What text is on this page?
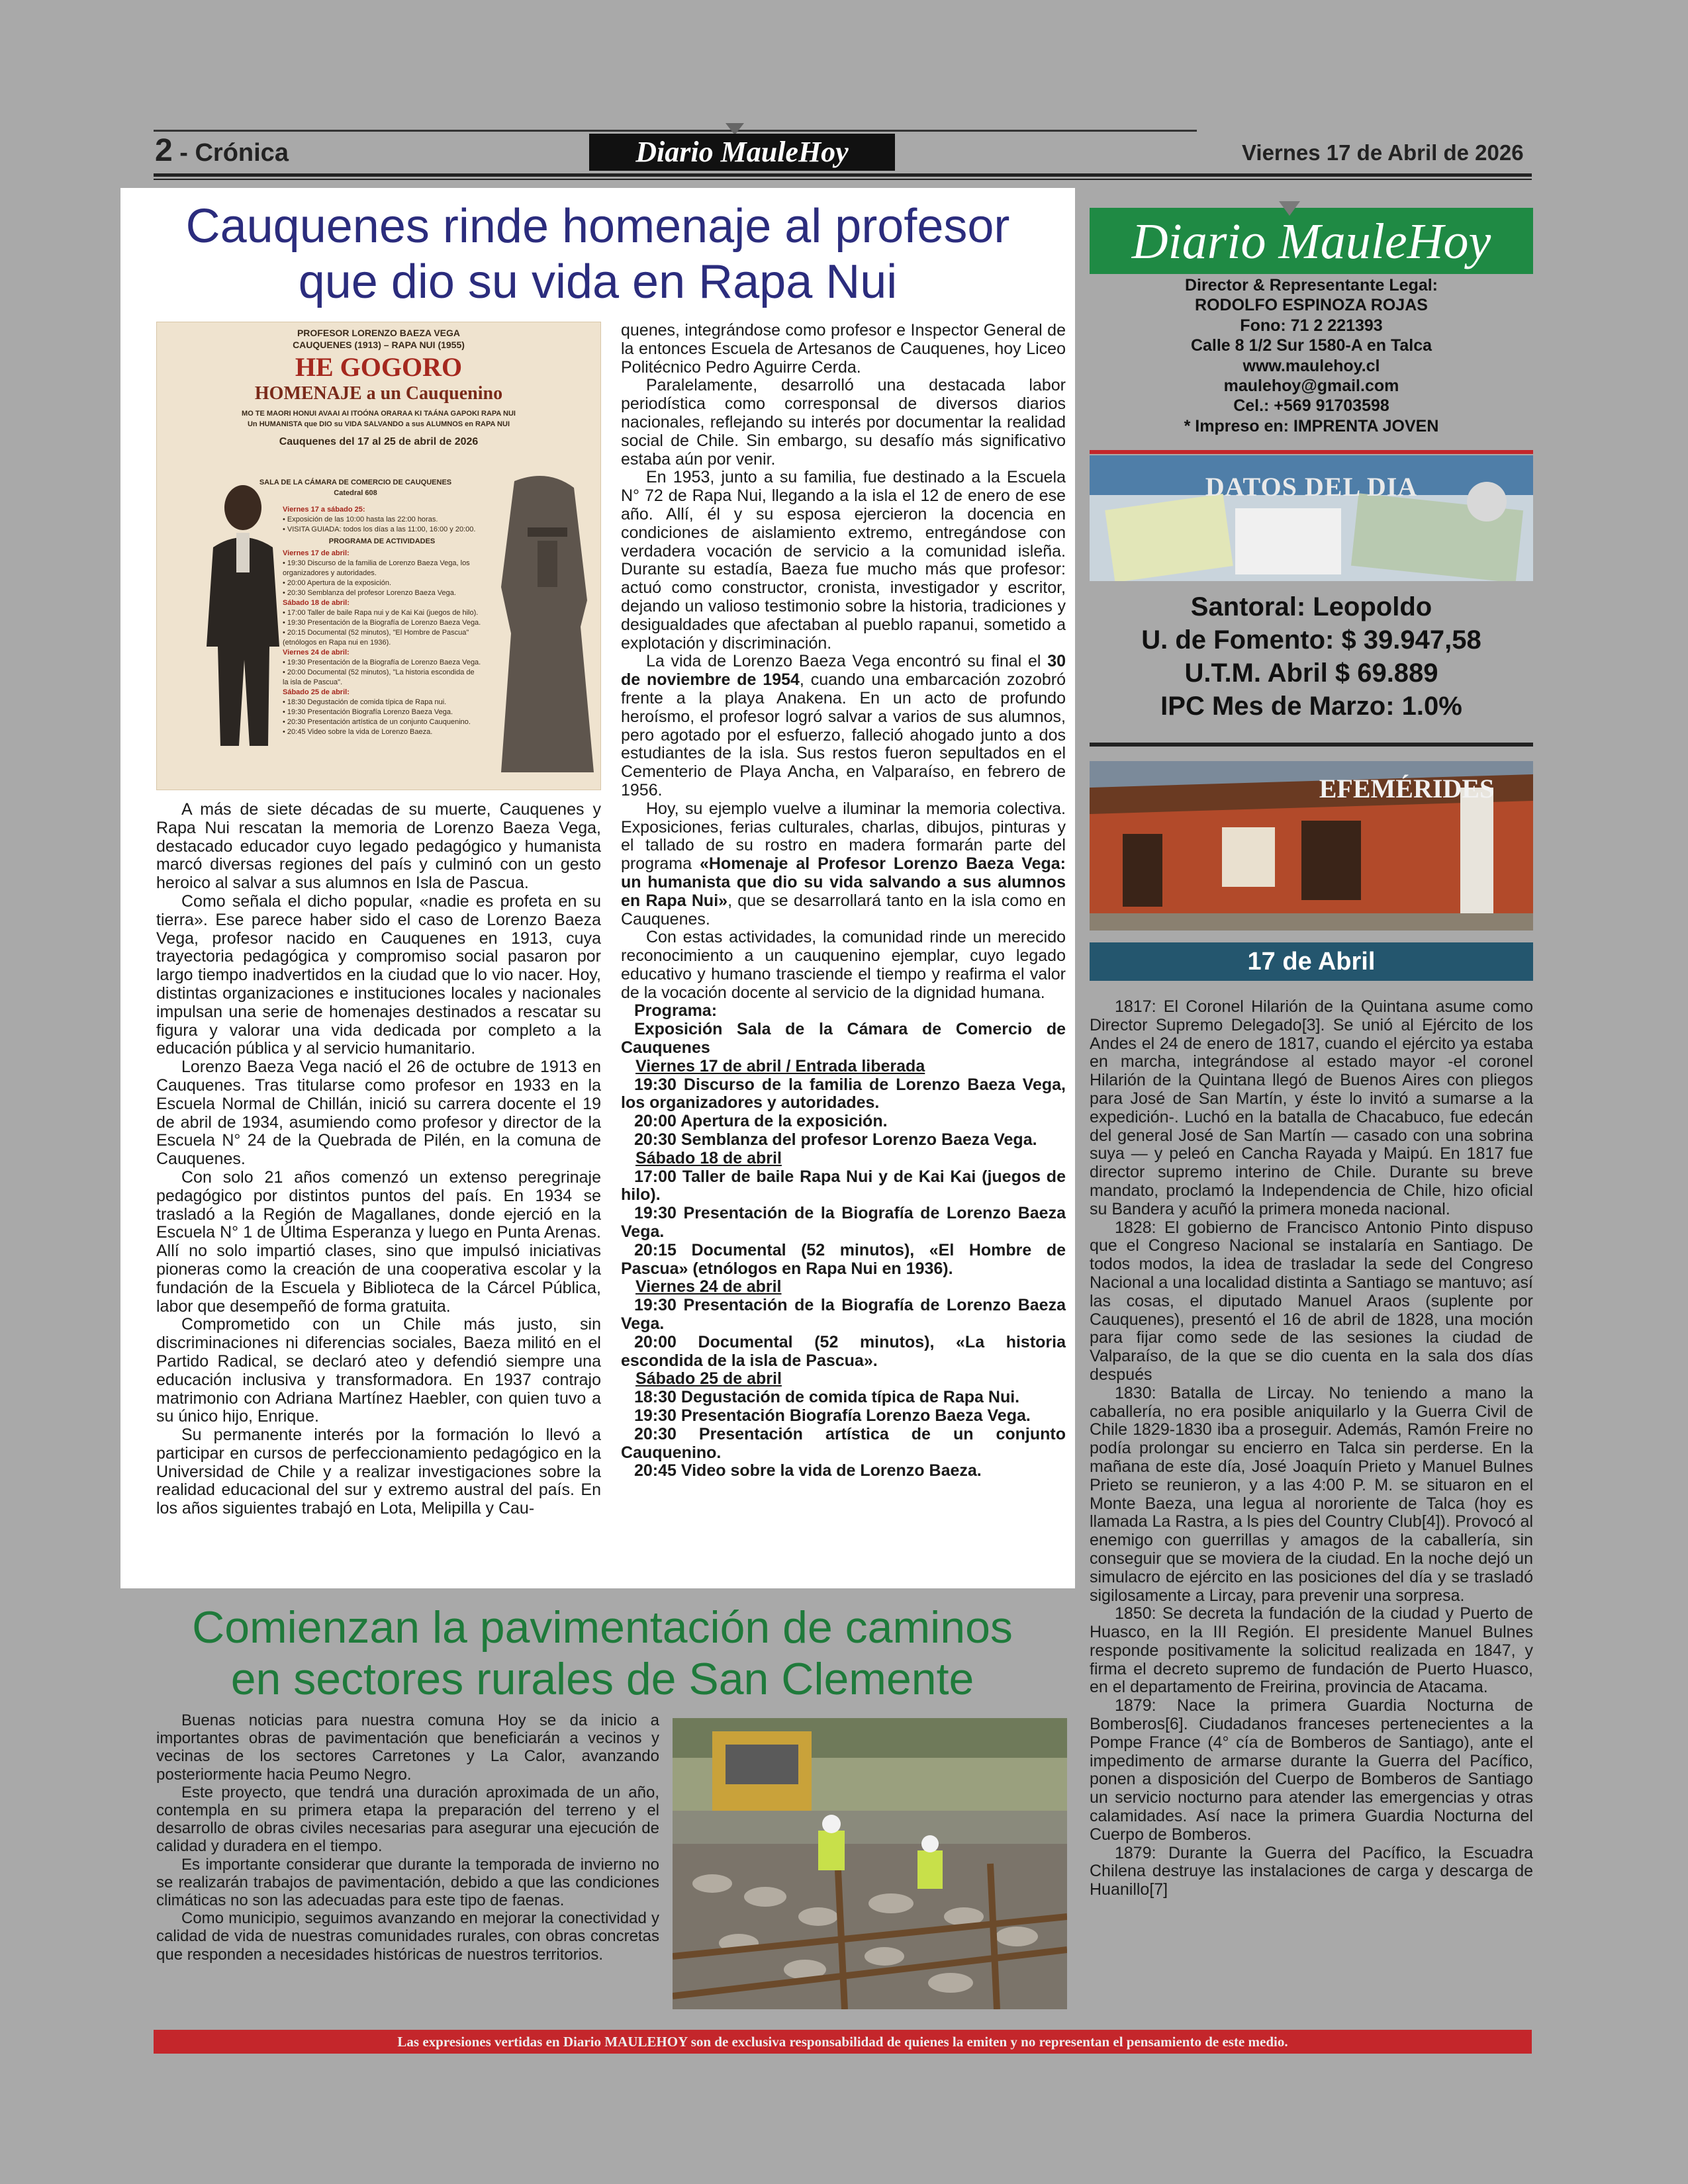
2 - Crónica	Diario MauleHoy	Viernes 17 de Abril de 2026
Cauquenes rinde homenaje al profesor
que dio su vida en Rapa Nui
PROFESOR LORENZO BAEZA VEGA
CAUQUENES (1913) – RAPA NUI (1955)
HE GOGORO
HOMENAJE a un Cauquenino
MO TE MAORI HONUI AVAAI AI ITOÓNA ORARAA KI TAÁNA GAPOKI RAPA NUI
Un HUMANISTA que DIO su VIDA SALVANDO a sus ALUMNOS en RAPA NUI
Cauquenes del 17 al 25 de abril de 2026
SALA DE LA CÁMARA DE COMERCIO DE CAUQUENES
Catedral 608
Viernes 17 a sábado 25:
• Exposición de las 10:00 hasta las 22:00 horas.
• VISITA GUIADA: todos los días a las 11:00, 16:00 y 20:00.
PROGRAMA DE ACTIVIDADES
Viernes 17 de abril:
• 19:30 Discurso de la familia de Lorenzo Baeza Vega, los organizadores y autoridades.
• 20:00 Apertura de la exposición.
• 20:30 Semblanza del profesor Lorenzo Baeza Vega.
Sábado 18 de abril:
• 17:00 Taller de baile Rapa nui y de Kai Kai (juegos de hilo).
• 19:30 Presentación de la Biografía de Lorenzo Baeza Vega.
• 20:15 Documental (52 minutos), "El Hombre de Pascua" (etnólogos en Rapa nui en 1936).
Viernes 24 de abril:
• 19:30 Presentación de la Biografía de Lorenzo Baeza Vega.
• 20:00 Documental (52 minutos), "La historia escondida de la isla de Pascua".
Sábado 25 de abril:
• 18:30 Degustación de comida típica de Rapa nui.
• 19:30 Presentación Biografía Lorenzo Baeza Vega.
• 20:30 Presentación artística de un conjunto Cauquenino.
• 20:45 Video sobre la vida de Lorenzo Baeza.

A más de siete décadas de su muerte, Cauquenes y Rapa Nui rescatan la memoria de Lorenzo Baeza Vega, destacado educador cuyo legado pedagógico y humanista marcó diversas regiones del país y culminó con un gesto heroico al salvar a sus alumnos en Isla de Pascua.

Como señala el dicho popular, «nadie es profeta en su tierra». Ese parece haber sido el caso de Lorenzo Baeza Vega, profesor nacido en Cauquenes en 1913, cuya trayectoria pedagógica y compromiso social pasaron por largo tiempo inadvertidos en la ciudad que lo vio nacer. Hoy, distintas organizaciones e instituciones locales y nacionales impulsan una serie de homenajes destinados a rescatar su figura y valorar una vida dedicada por completo a la educación pública y al servicio humanitario.

Lorenzo Baeza Vega nació el 26 de octubre de 1913 en Cauquenes. Tras titularse como profesor en 1933 en la Escuela Normal de Chillán, inició su carrera docente el 19 de abril de 1934, asumiendo como profesor y director de la Escuela N° 24 de la Quebrada de Pilén, en la comuna de Cauquenes.

Con solo 21 años comenzó un extenso peregrinaje pedagógico por distintos puntos del país. En 1934 se trasladó a la Región de Magallanes, donde ejerció en la Escuela N° 1 de Última Esperanza y luego en Punta Arenas. Allí no solo impartió clases, sino que impulsó iniciativas pioneras como la creación de una cooperativa escolar y la fundación de la Escuela y Biblioteca de la Cárcel Pública, labor que desempeñó de forma gratuita.

Comprometido con un Chile más justo, sin discriminaciones ni diferencias sociales, Baeza militó en el Partido Radical, se declaró ateo y defendió siempre una educación inclusiva y transformadora. En 1937 contrajo matrimonio con Adriana Martínez Haebler, con quien tuvo a su único hijo, Enrique.

Su permanente interés por la formación lo llevó a participar en cursos de perfeccionamiento pedagógico en la Universidad de Chile y a realizar investigaciones sobre la realidad educacional del sur y extremo austral del país. En los años siguientes trabajó en Lota, Melipilla y Cau-

quenes, integrándose como profesor e Inspector General de la entonces Escuela de Artesanos de Cauquenes, hoy Liceo Politécnico Pedro Aguirre Cerda.

Paralelamente, desarrolló una destacada labor periodística como corresponsal de diversos diarios nacionales, reflejando su interés por documentar la realidad social de Chile. Sin embargo, su desafío más significativo estaba aún por venir.

En 1953, junto a su familia, fue destinado a la Escuela N° 72 de Rapa Nui, llegando a la isla el 12 de enero de ese año. Allí, él y su esposa ejercieron la docencia en condiciones de aislamiento extremo, entregándose con verdadera vocación de servicio a la comunidad isleña. Durante su estadía, Baeza fue mucho más que profesor: actuó como constructor, cronista, investigador y escritor, dejando un valioso testimonio sobre la historia, tradiciones y desigualdades que afectaban al pueblo rapanui, sometido a explotación y discriminación.

La vida de Lorenzo Baeza Vega encontró su final el 30 de noviembre de 1954, cuando una embarcación zozobró frente a la playa Anakena. En un acto de profundo heroísmo, el profesor logró salvar a varios de sus alumnos, pero agotado por el esfuerzo, falleció ahogado junto a dos estudiantes de la isla. Sus restos fueron sepultados en el Cementerio de Playa Ancha, en Valparaíso, en febrero de 1956.

Hoy, su ejemplo vuelve a iluminar la memoria colectiva. Exposiciones, ferias culturales, charlas, dibujos, pinturas y el tallado de su rostro en madera formarán parte del programa «Homenaje al Profesor Lorenzo Baeza Vega: un humanista que dio su vida salvando a sus alumnos en Rapa Nui», que se desarrollará tanto en la isla como en Cauquenes.

Con estas actividades, la comunidad rinde un merecido reconocimiento a un cauquenino ejemplar, cuyo legado educativo y humano trasciende el tiempo y reafirma el valor de la vocación docente al servicio de la dignidad humana.

Programa:
Exposición Sala de la Cámara de Comercio de Cauquenes
Viernes 17 de abril / Entrada liberada
19:30 Discurso de la familia de Lorenzo Baeza Vega, los organizadores y autoridades.
20:00 Apertura de la exposición.
20:30 Semblanza del profesor Lorenzo Baeza Vega.
Sábado 18 de abril
17:00 Taller de baile Rapa Nui y de Kai Kai (juegos de hilo).
19:30 Presentación de la Biografía de Lorenzo Baeza Vega.
20:15 Documental (52 minutos), «El Hombre de Pascua» (etnólogos en Rapa Nui en 1936).
Viernes 24 de abril
19:30 Presentación de la Biografía de Lorenzo Baeza Vega.
20:00 Documental (52 minutos), «La historia escondida de la isla de Pascua».
Sábado 25 de abril
18:30 Degustación de comida típica de Rapa Nui.
19:30 Presentación Biografía Lorenzo Baeza Vega.
20:30 Presentación artística de un conjunto Cauquenino.
20:45 Video sobre la vida de Lorenzo Baeza.
Comienzan la pavimentación de caminos
en sectores rurales de San Clemente

Buenas noticias para nuestra comuna Hoy se da inicio a importantes obras de pavimentación que beneficiarán a vecinos y vecinas de los sectores Carretones y La Calor, avanzando posteriormente hacia Peumo Negro.

Este proyecto, que tendrá una duración aproximada de un año, contempla en su primera etapa la preparación del terreno y el desarrollo de obras civiles necesarias para asegurar una ejecución de calidad y duradera en el tiempo.

Es importante considerar que durante la temporada de invierno no se realizarán trabajos de pavimentación, debido a que las condiciones climáticas no son las adecuadas para este tipo de faenas.

Como municipio, seguimos avanzando en mejorar la conectividad y calidad de vida de nuestras comunidades rurales, con obras concretas que responden a necesidades históricas de nuestros territorios.

Las expresiones vertidas en Diario MAULEHOY son de exclusiva responsabilidad de quienes la emiten y no representan el pensamiento de este medio.
Diario MauleHoy
Director & Representante Legal:
RODOLFO ESPINOZA ROJAS
Fono: 71 2 221393
Calle 8 1/2 Sur 1580-A en Talca
www.maulehoy.cl
maulehoy@gmail.com
Cel.: +569 91703598
* Impreso en: IMPRENTA JOVEN
DATOS DEL DIA
Santoral: Leopoldo
U. de Fomento: $ 39.947,58
U.T.M. Abril $ 69.889
IPC Mes de Marzo: 1.0%
EFEMÉRIDES
17 de Abril

1817: El Coronel Hilarión de la Quintana asume como Director Supremo Delegado[3]. Se unió al Ejército de los Andes el 24 de enero de 1817, cuando el ejército ya estaba en marcha, integrándose al estado mayor -el coronel Hilarión de la Quintana llegó de Buenos Aires con pliegos para José de San Martín, y éste lo invitó a sumarse a la expedición-. Luchó en la batalla de Chacabuco, fue edecán del general José de San Martín — casado con una sobrina suya — y peleó en Cancha Rayada y Maipú. En 1817 fue director supremo interino de Chile. Durante su breve mandato, proclamó la Independencia de Chile, hizo oficial su Bandera y acuñó la primera moneda nacional.

1828: El gobierno de Francisco Antonio Pinto dispuso que el Congreso Nacional se instalaría en Santiago. De todos modos, la idea de trasladar la sede del Congreso Nacional a una localidad distinta a Santiago se mantuvo; así las cosas, el diputado Manuel Araos (suplente por Cauquenes), presentó el 16 de abril de 1828, una moción para fijar como sede de las sesiones la ciudad de Valparaíso, de la que se dio cuenta en la sala dos días después

1830: Batalla de Lircay. No teniendo a mano la caballería, no era posible aniquilarlo y la Guerra Civil de Chile 1829-1830 iba a proseguir. Además, Ramón Freire no podía prolongar su encierro en Talca sin perderse. En la mañana de este día, José Joaquín Prieto y Manuel Bulnes Prieto se reunieron, y a las 4:00 P. M. se situaron en el Monte Baeza, una legua al nororiente de Talca (hoy es llamada La Rastra, a ls pies del Country Club[4]). Provocó al enemigo con guerrillas y amagos de la caballería, sin conseguir que se moviera de la ciudad. En la noche dejó un simulacro de ejército en las posiciones del día y se trasladó sigilosamente a Lircay, para prevenir una sorpresa.

1850: Se decreta la fundación de la ciudad y Puerto de Huasco, en la III Región. El presidente Manuel Bulnes responde positivamente la solicitud realizada en 1847, y firma el decreto supremo de fundación de Puerto Huasco, en el departamento de Freirina, provincia de Atacama.

1879: Nace la primera Guardia Nocturna de Bomberos[6]. Ciudadanos franceses pertenecientes a la Pompe France (4° cía de Bomberos de Santiago), ante el impedimento de armarse durante la Guerra del Pacífico, ponen a disposición del Cuerpo de Bomberos de Santiago un servicio nocturno para atender las emergencias y otras calamidades. Así nace la primera Guardia Nocturna del Cuerpo de Bomberos.

1879: Durante la Guerra del Pacífico, la Escuadra Chilena destruye las instalaciones de carga y descarga de Huanillo[7]
